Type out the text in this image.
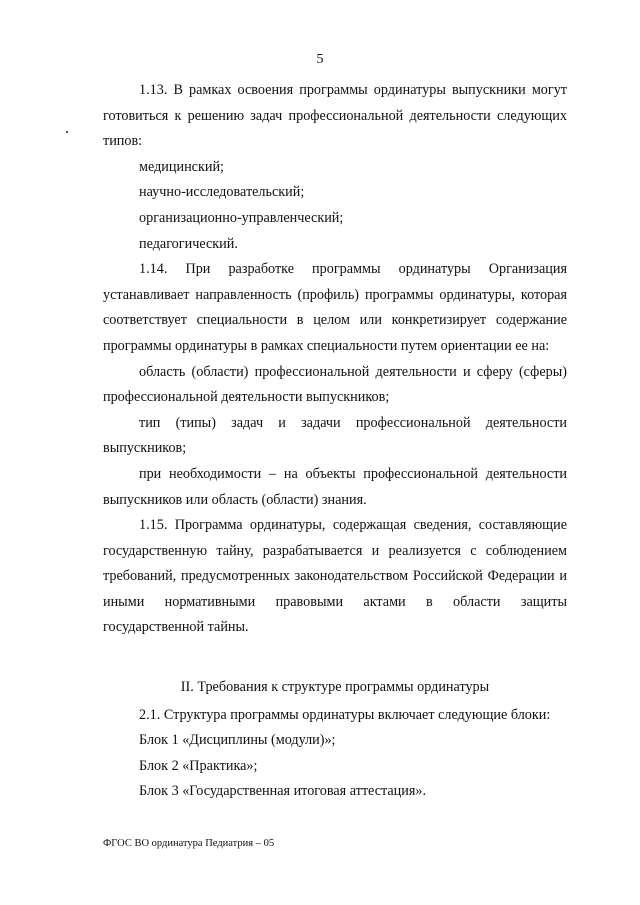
5

1.13. В рамках освоения программы ординатуры выпускники могут готовиться к решению задач профессиональной деятельности следующих типов:

медицинский;

научно-исследовательский;

организационно-управленческий;

педагогический.

1.14. При разработке программы ординатуры Организация устанавливает направленность (профиль) программы ординатуры, которая соответствует специальности в целом или конкретизирует содержание программы ординатуры в рамках специальности путем ориентации ее на:

область (области) профессиональной деятельности и сферу (сферы) профессиональной деятельности выпускников;

тип (типы) задач и задачи профессиональной деятельности выпускников;

при необходимости – на объекты профессиональной деятельности выпускников или область (области) знания.

1.15. Программа ординатуры, содержащая сведения, составляющие государственную тайну, разрабатывается и реализуется с соблюдением требований, предусмотренных законодательством Российской Федерации и иными нормативными правовыми актами в области защиты государственной тайны.

II. Требования к структуре программы ординатуры

2.1. Структура программы ординатуры включает следующие блоки:

Блок 1 «Дисциплины (модули)»;

Блок 2 «Практика»;

Блок 3 «Государственная итоговая аттестация».

ФГОС ВО ординатура Педиатрия – 05
